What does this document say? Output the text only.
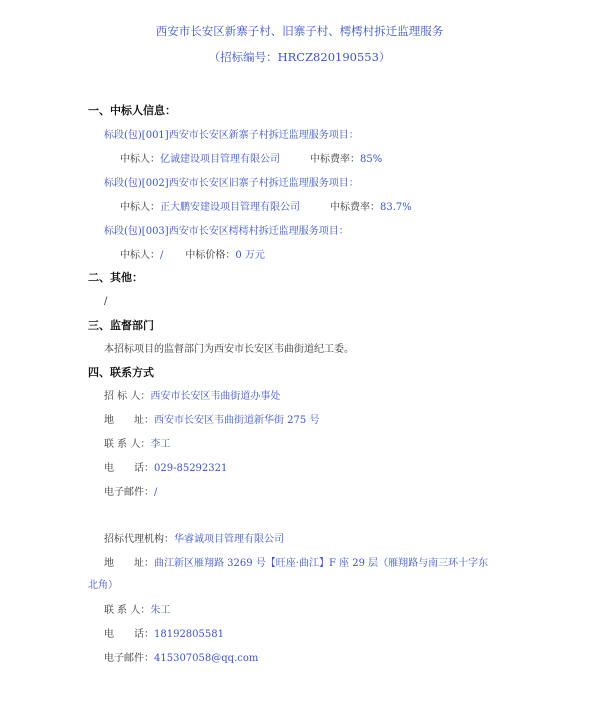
西安市长安区新寨子村、旧寨子村、樗樗村拆迁监理服务
（招标编号：HRCZ820190553）
一、中标人信息：
标段(包)[001]西安市长安区新寨子村拆迁监理服务项目：
中标人：亿诚建设项目管理有限公司	中标费率：85%
标段(包)[002]西安市长安区旧寨子村拆迁监理服务项目：
中标人：正大鹏安建设项目管理有限公司	中标费率：83.7%
标段(包)[003]西安市长安区樗樗村拆迁监理服务项目：
中标人：/ 中标价格：0 万元
二、其他：
/
三、监督部门
本招标项目的监督部门为西安市长安区韦曲街道纪工委。
四、联系方式
招 标 人：西安市长安区韦曲街道办事处
地　　址：西安市长安区韦曲街道新华街 275 号
联 系 人：李工
电　　话：029-85292321
电子邮件：/
招标代理机构：华睿诚项目管理有限公司
地　　址：曲江新区雁翔路 3269 号【旺座·曲江】F 座 29 层（雁翔路与南三环十字东
北角）
联 系 人：朱工
电　　话：18192805581
电子邮件：415307058@qq.com
